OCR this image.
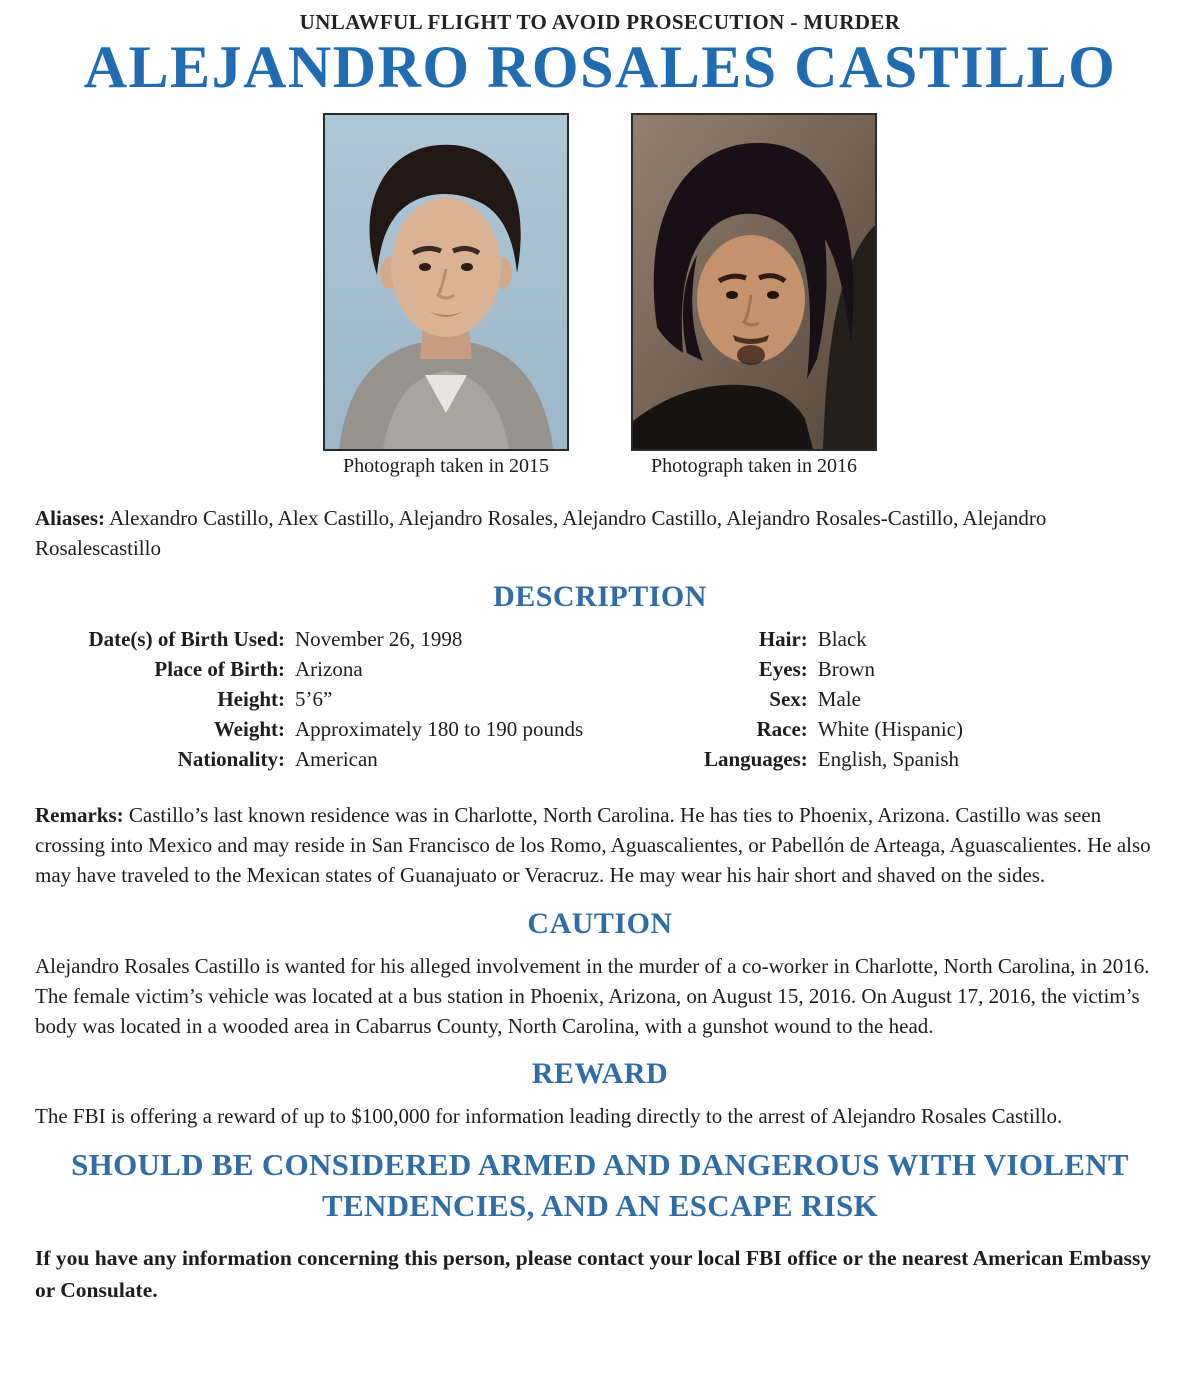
UNLAWFUL FLIGHT TO AVOID PROSECUTION - MURDER
ALEJANDRO ROSALES CASTILLO
Photograph taken in 2015	Photograph taken in 2016

Aliases: Alexandro Castillo, Alex Castillo, Alejandro Rosales, Alejandro Castillo, Alejandro Rosales-Castillo, Alejandro Rosalescastillo

DESCRIPTION
Date(s) of Birth Used: November 26, 1998
Place of Birth: Arizona
Height: 5’6”
Weight: Approximately 180 to 190 pounds
Nationality: American
Hair: Black
Eyes: Brown
Sex: Male
Race: White (Hispanic)
Languages: English, Spanish

Remarks: Castillo’s last known residence was in Charlotte, North Carolina. He has ties to Phoenix, Arizona. Castillo was seen crossing into Mexico and may reside in San Francisco de los Romo, Aguascalientes, or Pabellón de Arteaga, Aguascalientes. He also may have traveled to the Mexican states of Guanajuato or Veracruz. He may wear his hair short and shaved on the sides.

CAUTION

Alejandro Rosales Castillo is wanted for his alleged involvement in the murder of a co-worker in Charlotte, North Carolina, in 2016. The female victim’s vehicle was located at a bus station in Phoenix, Arizona, on August 15, 2016. On August 17, 2016, the victim’s body was located in a wooded area in Cabarrus County, North Carolina, with a gunshot wound to the head.

REWARD

The FBI is offering a reward of up to $100,000 for information leading directly to the arrest of Alejandro Rosales Castillo.

SHOULD BE CONSIDERED ARMED AND DANGEROUS WITH VIOLENT TENDENCIES, AND AN ESCAPE RISK

If you have any information concerning this person, please contact your local FBI office or the nearest American Embassy or Consulate.
